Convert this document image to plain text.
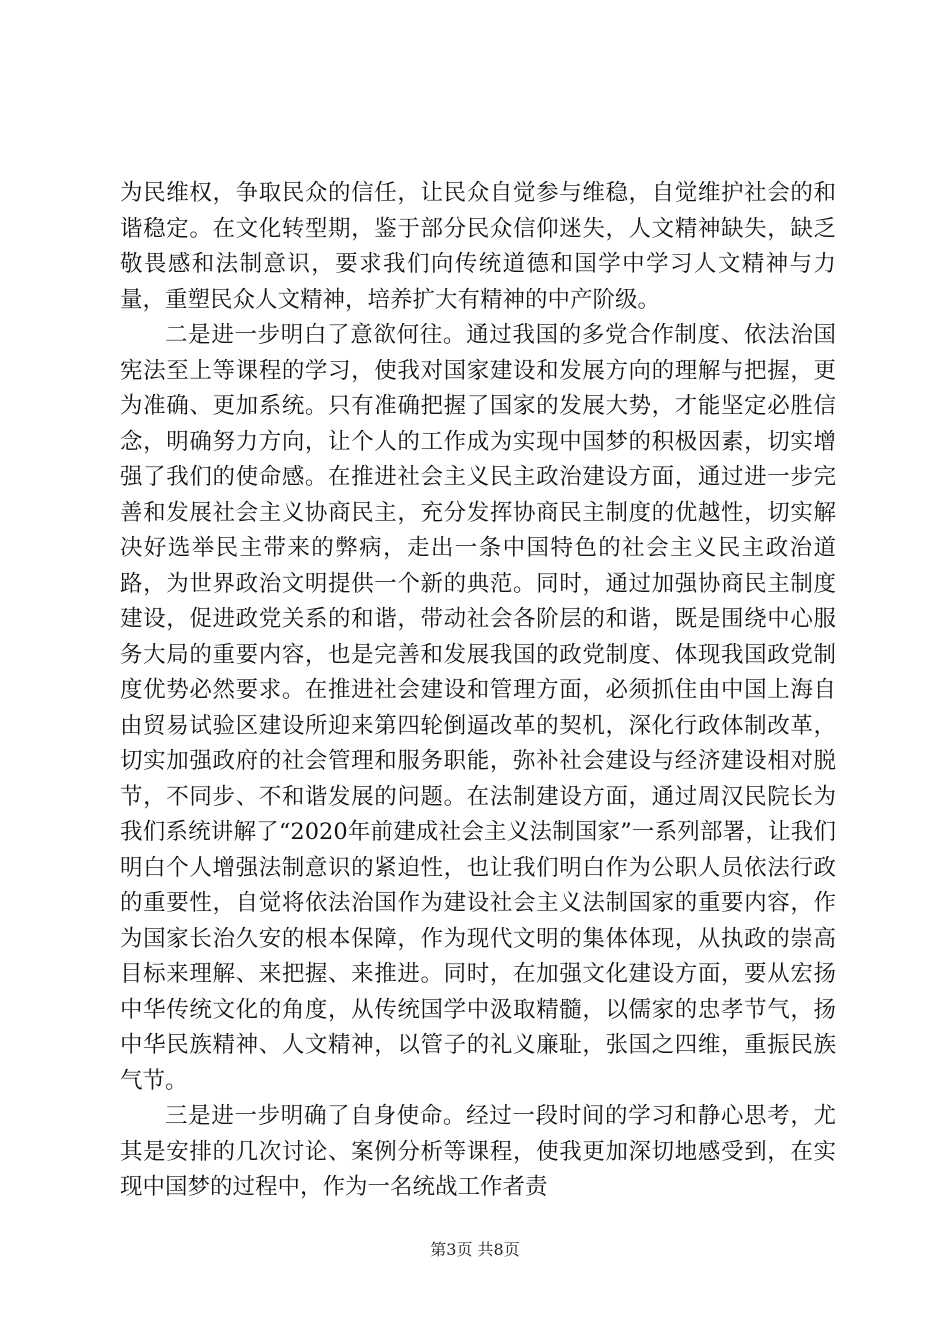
为民维权，争取民众的信任，让民众自觉参与维稳，自觉维护社会的和谐稳定。在文化转型期，鉴于部分民众信仰迷失，人文精神缺失，缺乏敬畏感和法制意识，要求我们向传统道德和国学中学习人文精神与力量，重塑民众人文精神，培养扩大有精神的中产阶级。

二是进一步明白了意欲何往。通过我国的多党合作制度、依法治国宪法至上等课程的学习，使我对国家建设和发展方向的理解与把握，更为准确、更加系统。只有准确把握了国家的发展大势，才能坚定必胜信念，明确努力方向，让个人的工作成为实现中国梦的积极因素，切实增强了我们的使命感。在推进社会主义民主政治建设方面，通过进一步完善和发展社会主义协商民主，充分发挥协商民主制度的优越性，切实解决好选举民主带来的弊病，走出一条中国特色的社会主义民主政治道路，为世界政治文明提供一个新的典范。同时，通过加强协商民主制度建设，促进政党关系的和谐，带动社会各阶层的和谐，既是围绕中心服务大局的重要内容，也是完善和发展我国的政党制度、体现我国政党制度优势必然要求。在推进社会建设和管理方面，必须抓住由中国上海自由贸易试验区建设所迎来第四轮倒逼改革的契机，深化行政体制改革，切实加强政府的社会管理和服务职能，弥补社会建设与经济建设相对脱节，不同步、不和谐发展的问题。在法制建设方面，通过周汉民院长为我们系统讲解了“2020年前建成社会主义法制国家”一系列部署，让我们明白个人增强法制意识的紧迫性，也让我们明白作为公职人员依法行政的重要性，自觉将依法治国作为建设社会主义法制国家的重要内容，作为国家长治久安的根本保障，作为现代文明的集体体现，从执政的崇高目标来理解、来把握、来推进。同时，在加强文化建设方面，要从宏扬中华传统文化的角度，从传统国学中汲取精髓，以儒家的忠孝节气，扬中华民族精神、人文精神，以管子的礼义廉耻，张国之四维，重振民族气节。

三是进一步明确了自身使命。经过一段时间的学习和静心思考，尤其是安排的几次讨论、案例分析等课程，使我更加深切地感受到，在实现中国梦的过程中，作为一名统战工作者责

第3页 共8页
